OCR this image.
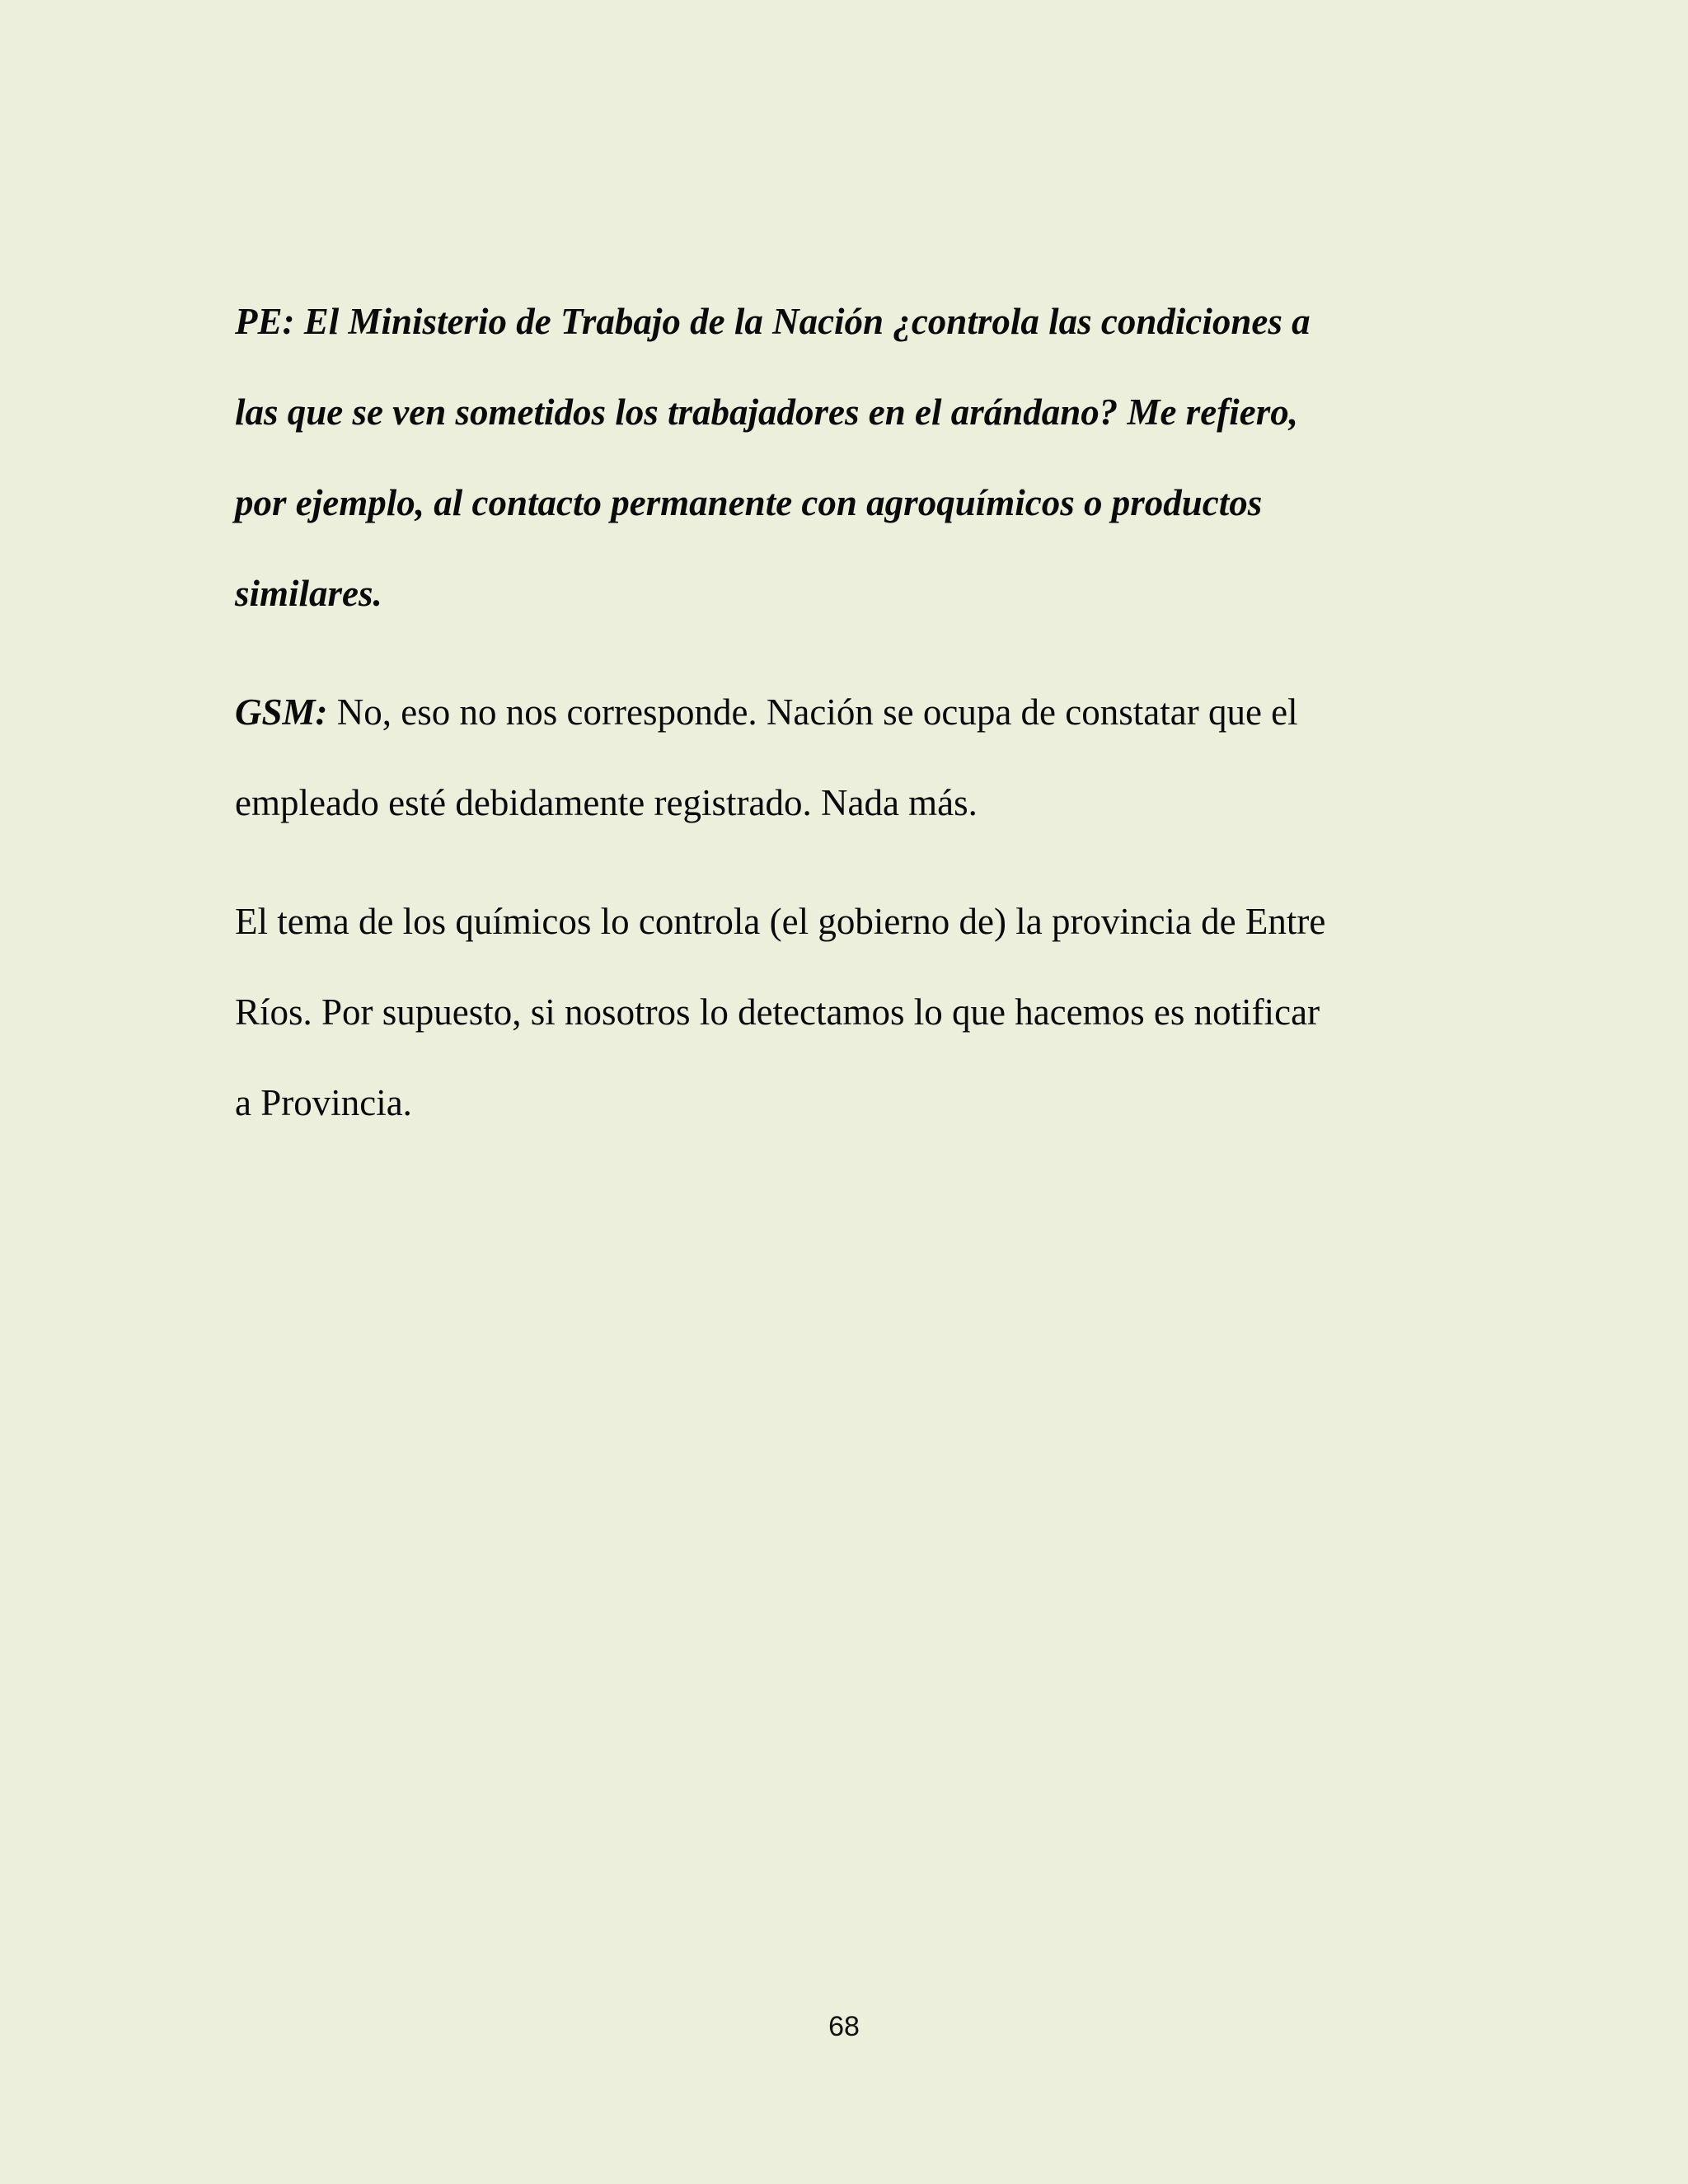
PE: El Ministerio de Trabajo de la Nación ¿controla las condiciones a
las que se ven sometidos los trabajadores en el arándano? Me refiero,
por ejemplo, al contacto permanente con agroquímicos o productos
similares.

GSM: No, eso no nos corresponde. Nación se ocupa de constatar que el
empleado esté debidamente registrado. Nada más.

El tema de los químicos lo controla (el gobierno de) la provincia de Entre
Ríos. Por supuesto, si nosotros lo detectamos lo que hacemos es notificar
a Provincia.

68
